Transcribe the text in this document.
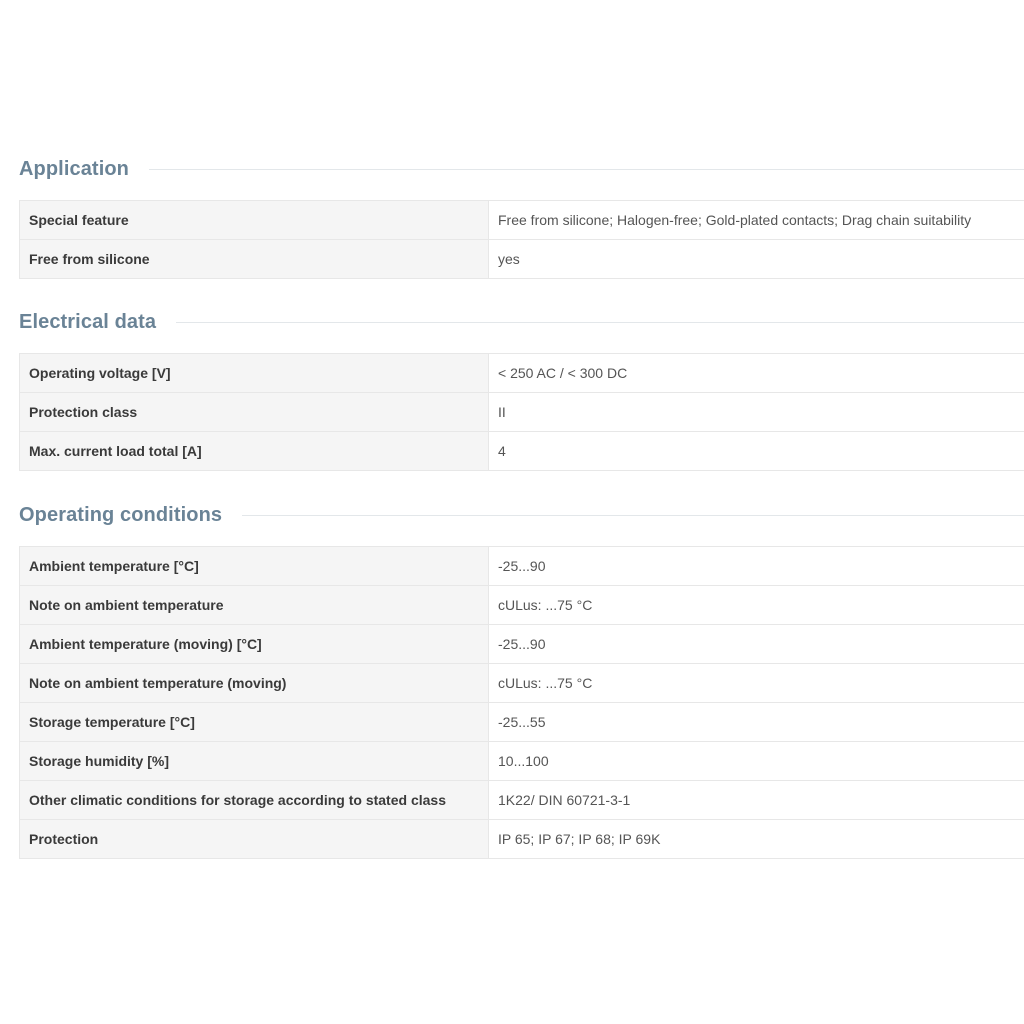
Application
Special feature	Free from silicone; Halogen-free; Gold-plated contacts; Drag chain suitability
Free from silicone	yes
Electrical data
Operating voltage [V]	< 250 AC / < 300 DC
Protection class	II
Max. current load total [A]	4
Operating conditions
Ambient temperature [°C]	-25...90
Note on ambient temperature	cULus: ...75 °C
Ambient temperature (moving) [°C]	-25...90
Note on ambient temperature (moving)	cULus: ...75 °C
Storage temperature [°C]	-25...55
Storage humidity [%]	10...100
Other climatic conditions for storage according to stated class	1K22/ DIN 60721-3-1
Protection	IP 65; IP 67; IP 68; IP 69K
